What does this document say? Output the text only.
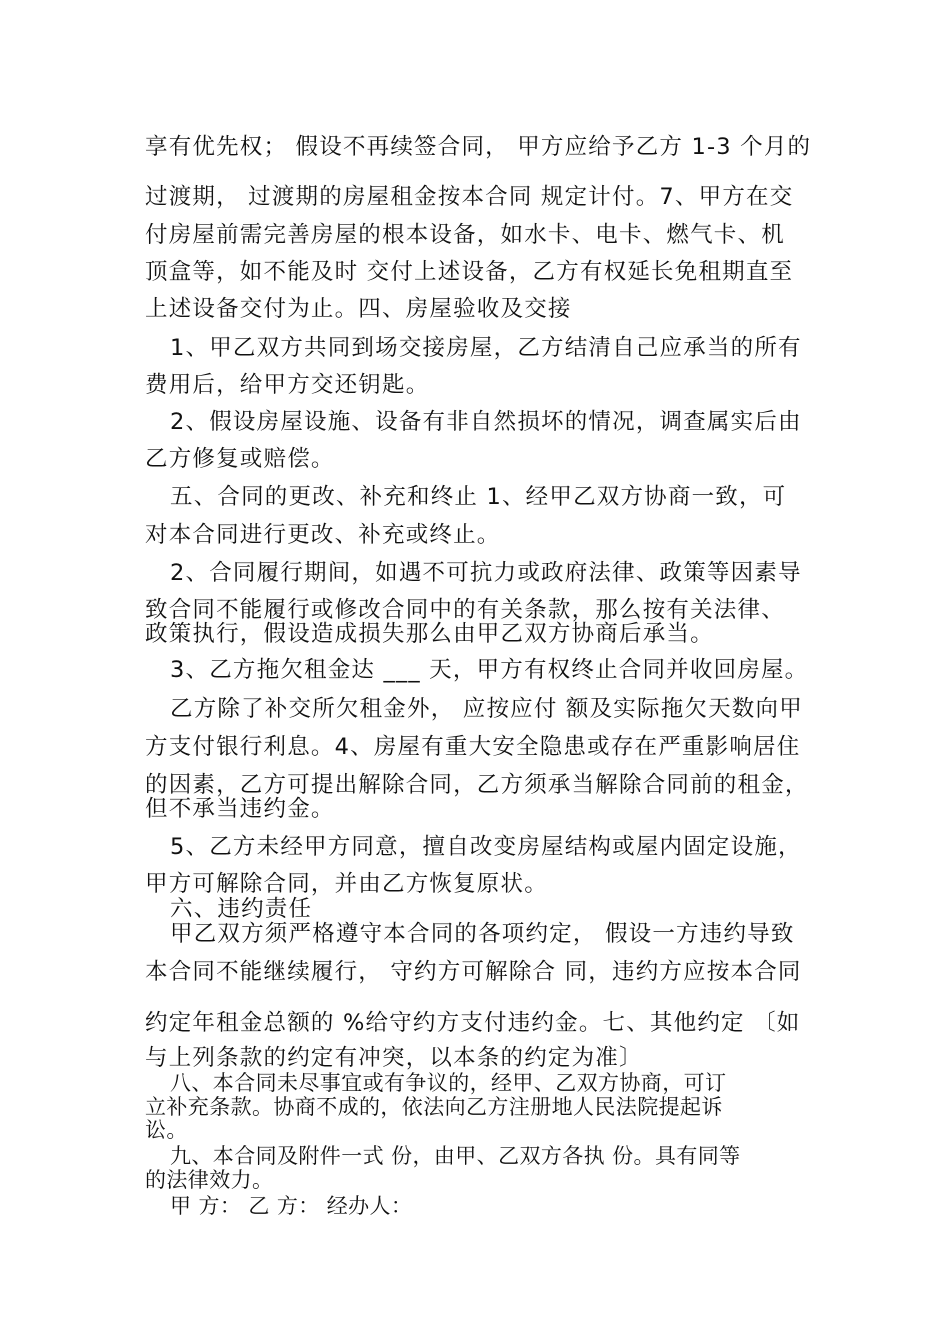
享有优先权； 假设不再续签合同， 甲方应给予乙方 1-3 个月的

过渡期， 过渡期的房屋租金按本合同 规定计付。7、甲方在交

付房屋前需完善房屋的根本设备，如水卡、电卡、燃气卡、机

顶盒等，如不能及时 交付上述设备，乙方有权延长免租期直至

上述设备交付为止。四、房屋验收及交接

1、甲乙双方共同到场交接房屋，乙方结清自己应承当的所有

费用后，给甲方交还钥匙。

2、假设房屋设施、设备有非自然损坏的情况，调查属实后由

乙方修复或赔偿。

五、合同的更改、补充和终止 1、经甲乙双方协商一致，可

对本合同进行更改、补充或终止。

2、合同履行期间，如遇不可抗力或政府法律、政策等因素导

致合同不能履行或修改合同中的有关条款，那么按有关法律、

政策执行，假设造成损失那么由甲乙双方协商后承当。

3、乙方拖欠租金达 ___ 天，甲方有权终止合同并收回房屋。

乙方除了补交所欠租金外， 应按应付 额及实际拖欠天数向甲

方支付银行利息。4、房屋有重大安全隐患或存在严重影响居住

的因素，乙方可提出解除合同，乙方须承当解除合同前的租金，

但不承当违约金。

5、乙方未经甲方同意，擅自改变房屋结构或屋内固定设施，

甲方可解除合同，并由乙方恢复原状。

六、违约责任

甲乙双方须严格遵守本合同的各项约定， 假设一方违约导致

本合同不能继续履行， 守约方可解除合 同，违约方应按本合同

约定年租金总额的 %给守约方支付违约金。七、其他约定 〔如

与上列条款的约定有冲突，以本条的约定为准〕

八、本合同未尽事宜或有争议的，经甲、乙双方协商，可订

立补充条款。协商不成的，依法向乙方注册地人民法院提起诉

讼。

九、本合同及附件一式 份，由甲、乙双方各执 份。具有同等

的法律效力。

甲 方： 乙 方： 经办人：
